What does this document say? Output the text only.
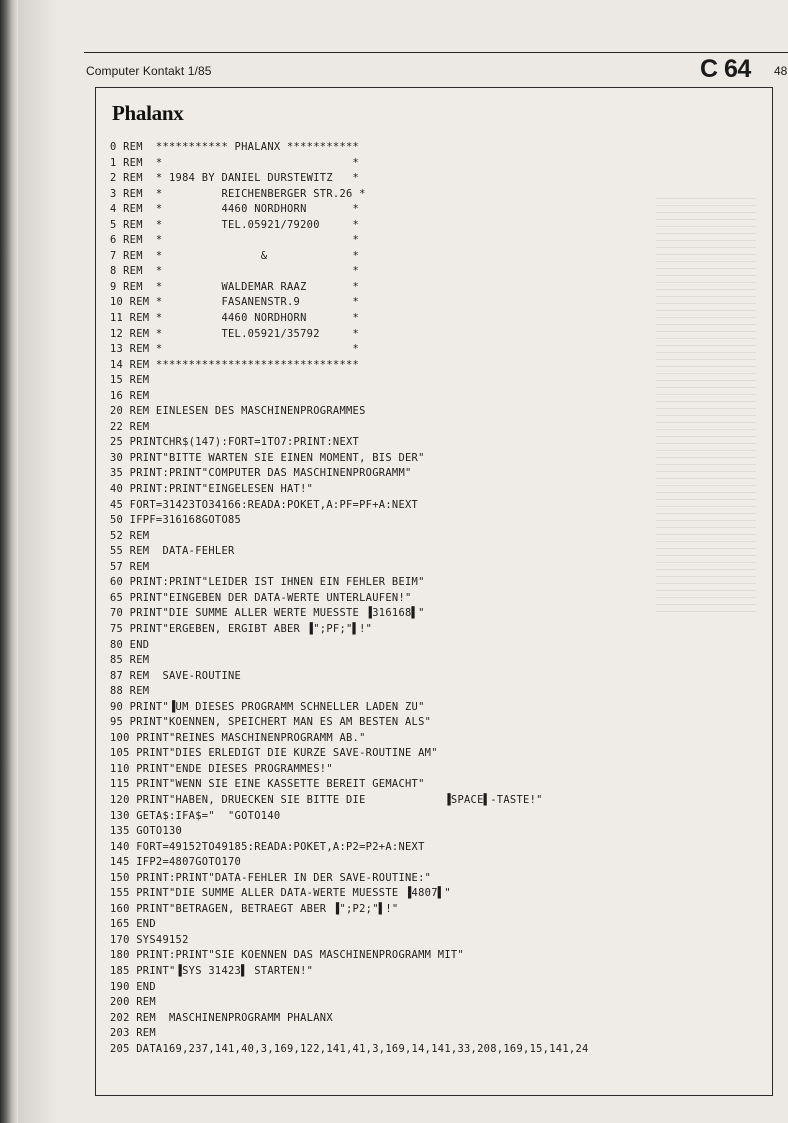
Computer Kontakt 1/85	C 64 48
Phalanx
0 REM  *********** PHALANX ***********
1 REM  *                             *
2 REM  * 1984 BY DANIEL DURSTEWITZ   *
3 REM  *         REICHENBERGER STR.26 *
4 REM  *         4460 NORDHORN       *
5 REM  *         TEL.05921/79200     *
6 REM  *                             *
7 REM  *               &             *
8 REM  *                             *
9 REM  *         WALDEMAR RAAZ       *
10 REM *         FASANENSTR.9        *
11 REM *         4460 NORDHORN       *
12 REM *         TEL.05921/35792     *
13 REM *                             *
14 REM *******************************
15 REM
16 REM
20 REM EINLESEN DES MASCHINENPROGRAMMES
22 REM
25 PRINTCHR$(147):FORT=1TO7:PRINT:NEXT
30 PRINT"BITTE WARTEN SIE EINEN MOMENT, BIS DER"
35 PRINT:PRINT"COMPUTER DAS MASCHINENPROGRAMM"
40 PRINT:PRINT"EINGELESEN HAT!"
45 FORT=31423TO34166:READA:POKET,A:PF=PF+A:NEXT
50 IFPF=316168GOTO85
52 REM
55 REM  DATA-FEHLER
57 REM
60 PRINT:PRINT"LEIDER IST IHNEN EIN FEHLER BEIM"
65 PRINT"EINGEBEN DER DATA-WERTE UNTERLAUFEN!"
70 PRINT"DIE SUMME ALLER WERTE MUESSTE ▐316168▌"
75 PRINT"ERGEBEN, ERGIBT ABER ▐";PF;"▌!"
80 END
85 REM
87 REM  SAVE-ROUTINE
88 REM
90 PRINT"▐UM DIESES PROGRAMM SCHNELLER LADEN ZU"
95 PRINT"KOENNEN, SPEICHERT MAN ES AM BESTEN ALS"
100 PRINT"REINES MASCHINENPROGRAMM AB."
105 PRINT"DIES ERLEDIGT DIE KURZE SAVE-ROUTINE AM"
110 PRINT"ENDE DIESES PROGRAMMES!"
115 PRINT"WENN SIE EINE KASSETTE BEREIT GEMACHT"
120 PRINT"HABEN, DRUECKEN SIE BITTE DIE            ▐SPACE▌-TASTE!"
130 GETA$:IFA$="  "GOTO140
135 GOTO130
140 FORT=49152TO49185:READA:POKET,A:P2=P2+A:NEXT
145 IFP2=4807GOTO170
150 PRINT:PRINT"DATA-FEHLER IN DER SAVE-ROUTINE:"
155 PRINT"DIE SUMME ALLER DATA-WERTE MUESSTE ▐4807▌"
160 PRINT"BETRAGEN, BETRAEGT ABER ▐";P2;"▌!"
165 END
170 SYS49152
180 PRINT:PRINT"SIE KOENNEN DAS MASCHINENPROGRAMM MIT"
185 PRINT"▐SYS 31423▌ STARTEN!"
190 END
200 REM
202 REM  MASCHINENPROGRAMM PHALANX
203 REM
205 DATA169,237,141,40,3,169,122,141,41,3,169,14,141,33,208,169,15,141,24
